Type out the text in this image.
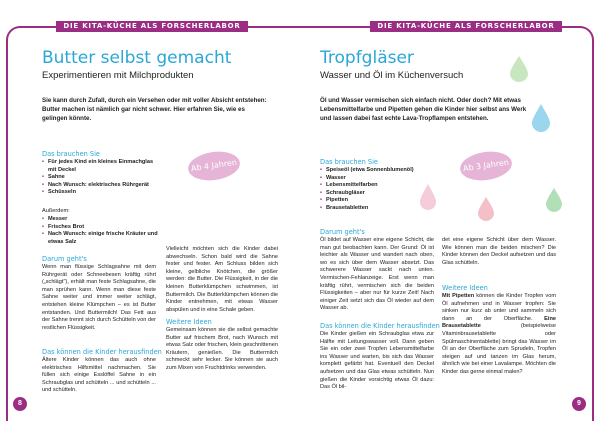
DIE KITA-KÜCHE ALS FORSCHERLABOR
Butter selbst gemacht
Experimentieren mit Milchprodukten
Sie kann durch Zufall, durch ein Versehen oder mit voller Absicht entstehen: Butter machen ist nämlich gar nicht schwer. Hier erfahren Sie, wie es gelingen könnte.
Das brauchen Sie
• Für jedes Kind ein kleines Einmachglas mit Deckel
• Sahne
• Nach Wunsch: elektrisches Rührgerät
• Schüsseln
Außerdem:
• Messer
• Frisches Brot
• Nach Wunsch: einige frische Kräuter und etwas Salz
Ab 4 Jahren
Darum geht's
Wenn man flüssige Schlagsahne mit dem Rührgerät oder Schneebesen kräftig rührt („schlägt"), erhält man feste Schlagsahne, die man sprühen kann. Wenn man diese feste Sahne weiter und immer weiter schlägt, entstehen kleine Klümpchen – es ist Butter entstanden. Und Buttermilch! Das Fett aus der Sahne trennt sich durch Schütteln von der restlichen Flüssigkeit.
Das können die Kinder herausfinden
Ältere Kinder können das auch ohne elektrisches Hilfsmittel nachmachen. Sie füllen sich einige Esslöffel Sahne in ein Schraubglas und schütteln ... und schütteln ... und schütteln.
Vielleicht möchten sich die Kinder dabei abwechseln. Schon bald wird die Sahne fester und fester. Am Schluss bilden sich kleine, gelbliche Knötchen, die größer werden: die Butter. Die Flüssigkeit, in der die kleinen Butterklümpchen schwimmen, ist Buttermilch. Die Butterklümpchen können die Kinder entnehmen, mit etwas Wasser abspülen und in eine Schale geben.
Weitere Ideen
Gemeinsam können sie die selbst gemachte Butter auf frischem Brot, nach Wunsch mit etwas Salz oder frischen, klein geschnittenen Kräutern, genießen. Die Buttermilch schmeckt sehr lecker. Sie können sie auch zum Mixen von Fruchtdrinks verwenden.
8
DIE KITA-KÜCHE ALS FORSCHERLABOR
Tropfgläser
Wasser und Öl im Küchenversuch
Öl und Wasser vermischen sich einfach nicht. Oder doch? Mit etwas Lebensmittelfarbe und Pipetten gehen die Kinder hier selbst ans Werk und lassen dabei fast echte Lava-Tropflampen entstehen.
Das brauchen Sie
• Speiseöl (etwa Sonnenblumenöl)
• Wasser
• Lebensmittelfarben
• Schraubgläser
• Pipetten
• Brausetabletten
Ab 3 Jahren
Darum geht's
Öl bildet auf Wasser eine eigene Schicht, die man gut beobachten kann. Der Grund: Öl ist leichter als Wasser und wandert nach oben, wo es sich über dem Wasser absetzt. Das schwerere Wasser sackt nach unten. Vermischen-Fehlanzeige. Erst wenn man kräftig rührt, vermischen sich die beiden Flüssigkeiten – aber nur für kurze Zeit! Nach einiger Zeit setzt sich das Öl wieder auf dem Wasser ab.
Das können die Kinder herausfinden
Die Kinder gießen ein Schraubglas etwa zur Hälfte mit Leitungswasser voll. Dann geben Sie ein oder zwei Tropfen Lebensmittelfarbe ins Wasser und warten, bis sich das Wasser komplett gefärbt hat. Eventuell den Deckel aufsetzen und das Glas etwas schütteln. Nun gießen die Kinder vorsichtig etwas Öl dazu: Das Öl bil-
det eine eigene Schicht über dem Wasser. Wie können man die beiden mischen? Die Kinder können den Deckel aufsetzen und das Glas schütteln.
Weitere Ideen
Mit Pipetten können die Kinder Tropfen vom Öl aufnehmen und in Wasser tropfen: Sie sinken nur kurz ab unter und sammeln sich dann an der Oberfläche. Eine Brausetablette (beispielweise Vitaminbrausetablette oder Spülmaschinentablette) bringt das Wasser im Öl an der Oberfläche zum Sprudeln, Tropfen steigen auf und tanzen im Glas herum, ähnlich wie bei einer Lavalampe. Möchten die Kinder das gerne einmal malen?
9
